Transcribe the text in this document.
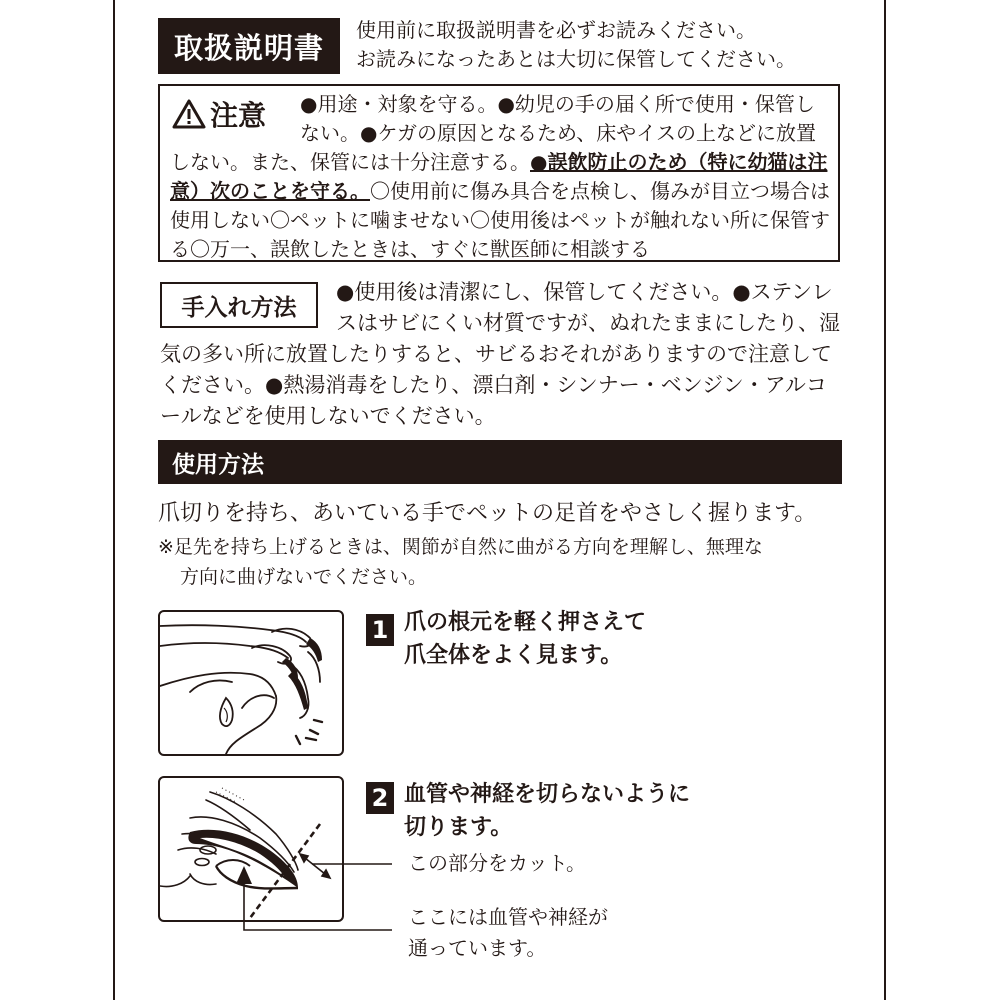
取扱説明書
使用前に取扱説明書を必ずお読みください。
お読みになったあとは大切に保管してください。
注意	●用途・対象を守る。●幼児の手の届く所で使用・保管しない。●ケガの原因となるため、床やイスの上などに放置しない。また、保管には十分注意する。●誤飲防止のため（特に幼猫は注意）次のことを守る。〇使用前に傷み具合を点検し、傷みが目立つ場合は使用しない〇ペットに噛ませない〇使用後はペットが触れない所に保管する〇万一、誤飲したときは、すぐに獣医師に相談する
●使用後は清潔にし、保管してください。●ステンレスはサビにくい材質ですが、ぬれたままにしたり、湿気の多い所に放置したりすると、サビるおそれがありますので注意してください。●熱湯消毒をしたり、漂白剤・シンナー・ベンジン・アルコールなどを使用しないでください。
手入れ方法
使用方法
爪切りを持ち、あいている手でペットの足首をやさしく握ります。
※足先を持ち上げるときは、関節が自然に曲がる方向を理解し、無理な
方向に曲げないでください。
1 爪の根元を軽く押さえて
爪全体をよく見ます。
2 血管や神経を切らないように
切ります。
この部分をカット。
ここには血管や神経が
通っています。
